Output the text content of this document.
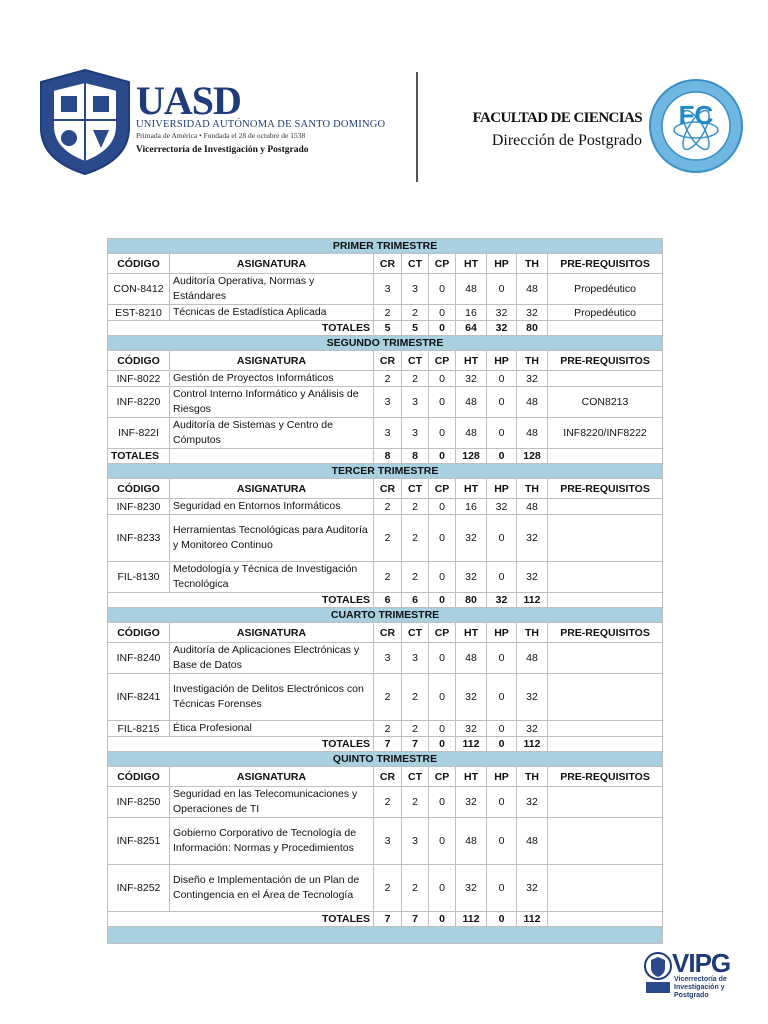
UASD
UNIVERSIDAD AUTÓNOMA DE SANTO DOMINGO
Primada de América • Fundada el 28 de octubre de 1538
Vicerrectoría de Investigación y Postgrado
FACULTAD DE CIENCIAS
Dirección de Postgrado
FC
PRIMER TRIMESTRE								
CÓDIGO	ASIGNATURA	CR	CT	CP	HT	HP	TH	PRE-REQUISITOS
CON-8412	Auditoría Operativa, Normas y Estándares	3	3	0	48	0	48	Propedéutico
EST-8210	Técnicas de Estadística Aplicada	2	2	0	16	32	32	Propedéutico
TOTALES		5	5	0	64	32	80	
SEGUNDO TRIMESTRE								
CÓDIGO	ASIGNATURA	CR	CT	CP	HT	HP	TH	PRE-REQUISITOS
INF-8022	Gestión de Proyectos Informáticos	2	2	0	32	0	32	
INF-8220	Control Interno Informático y Análisis de Riesgos	3	3	0	48	0	48	CON8213
INF-822I	Auditoría de Sistemas y Centro de Cómputos	3	3	0	48	0	48	INF8220/INF8222
TOTALES		8	8	0	128	0	128	
TERCER TRIMESTRE								
CÓDIGO	ASIGNATURA	CR	CT	CP	HT	HP	TH	PRE-REQUISITOS
INF-8230	Seguridad en Entornos Informáticos	2	2	0	16	32	48	
INF-8233	Herramientas Tecnológicas para Auditoría y Monitoreo Continuo	2	2	0	32	0	32	
FIL-8130	Metodología y Técnica de Investigación Tecnológica	2	2	0	32	0	32	
TOTALES		6	6	0	80	32	112	
CUARTO TRIMESTRE								
CÓDIGO	ASIGNATURA	CR	CT	CP	HT	HP	TH	PRE-REQUISITOS
INF-8240	Auditoría de Aplicaciones Electrónicas y Base de Datos	3	3	0	48	0	48	
INF-8241	Investigación de Delitos Electrónicos con Técnicas Forenses	2	2	0	32	0	32	
FIL-8215	Ética Profesional	2	2	0	32	0	32	
TOTALES		7	7	0	112	0	112	
QUINTO TRIMESTRE								
CÓDIGO	ASIGNATURA	CR	CT	CP	HT	HP	TH	PRE-REQUISITOS
INF-8250	Seguridad en las Telecomunicaciones y Operaciones de TI	2	2	0	32	0	32	
INF-8251	Gobierno Corporativo de Tecnología de Información: Normas y Procedimientos	3	3	0	48	0	48	
INF-8252	Diseño e Implementación de un Plan de Contingencia en el Área de Tecnología	2	2	0	32	0	32	
TOTALES		7	7	0	112	0	112	

VIPG
Vicerrectoría de
Investigación y
Postgrado
